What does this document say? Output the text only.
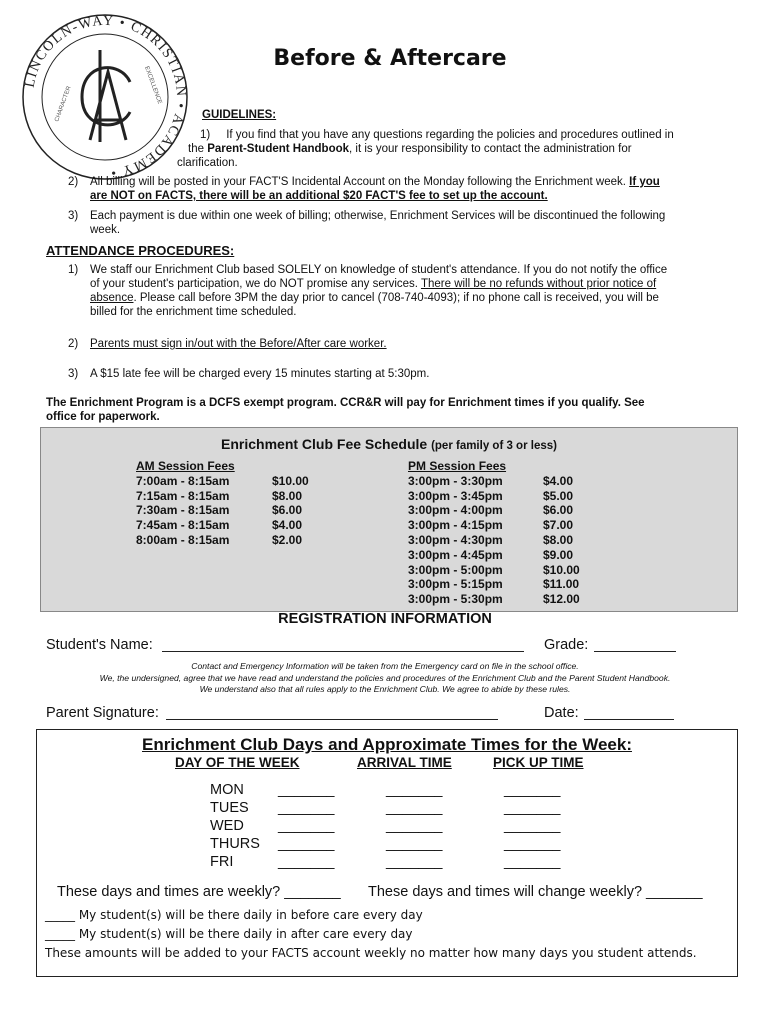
LINCOLN-WAY • CHRISTIAN • ACADEMY •
CHARACTER	EXCELLENCE
Before & Aftercare
GUIDELINES:
1) If you find that you have any questions regarding the policies and procedures outlined in
the Parent-Student Handbook, it is your responsibility to contact the administration for
clarification.
2) All billing will be posted in your FACT'S Incidental Account on the Monday following the Enrichment week. If you
are NOT on FACTS, there will be an additional $20 FACT'S fee to set up the account.
3) Each payment is due within one week of billing; otherwise, Enrichment Services will be discontinued the following
week.
ATTENDANCE PROCEDURES:
1) We staff our Enrichment Club based SOLELY on knowledge of student's attendance. If you do not notify the office
of your student's participation, we do NOT promise any services. There will be no refunds without prior notice of
absence. Please call before 3PM the day prior to cancel (708-740-4093); if no phone call is received, you will be
billed for the enrichment time scheduled.
2) Parents must sign in/out with the Before/After care worker.
3) A $15 late fee will be charged every 15 minutes starting at 5:30pm.
The Enrichment Program is a DCFS exempt program. CCR&R will pay for Enrichment times if you qualify. See
office for paperwork.
Enrichment Club Fee Schedule (per family of 3 or less)
AM Session Fees
7:00am - 8:15am	$10.00
7:15am - 8:15am	$8.00
7:30am - 8:15am	$6.00
7:45am - 8:15am	$4.00
8:00am - 8:15am	$2.00
PM Session Fees
3:00pm - 3:30pm	$4.00
3:00pm - 3:45pm	$5.00
3:00pm - 4:00pm	$6.00
3:00pm - 4:15pm	$7.00
3:00pm - 4:30pm	$8.00
3:00pm - 4:45pm	$9.00
3:00pm - 5:00pm	$10.00
3:00pm - 5:15pm	$11.00
3:00pm - 5:30pm	$12.00
REGISTRATION INFORMATION
Student's Name:	Grade:
Contact and Emergency Information will be taken from the Emergency card on file in the school office.
We, the undersigned, agree that we have read and understand the policies and procedures of the Enrichment Club and the Parent Student Handbook.
We understand also that all rules apply to the Enrichment Club. We agree to abide by these rules.
Parent Signature:	Date:
Enrichment Club Days and Approximate Times for the Week:
DAY OF THE WEEK	ARRIVAL TIME	PICK UP TIME
MON _______	_______	_______
TUES _______	_______	_______
WED _______	_______	_______
THURS _______	_______	_______
FRI	_______	_______	_______
These days and times are weekly? _______ These days and times will change weekly? _______
_____ My student(s) will be there daily in before care every day
_____ My student(s) will be there daily in after care every day
These amounts will be added to your FACTS account weekly no matter how many days you student attends.
